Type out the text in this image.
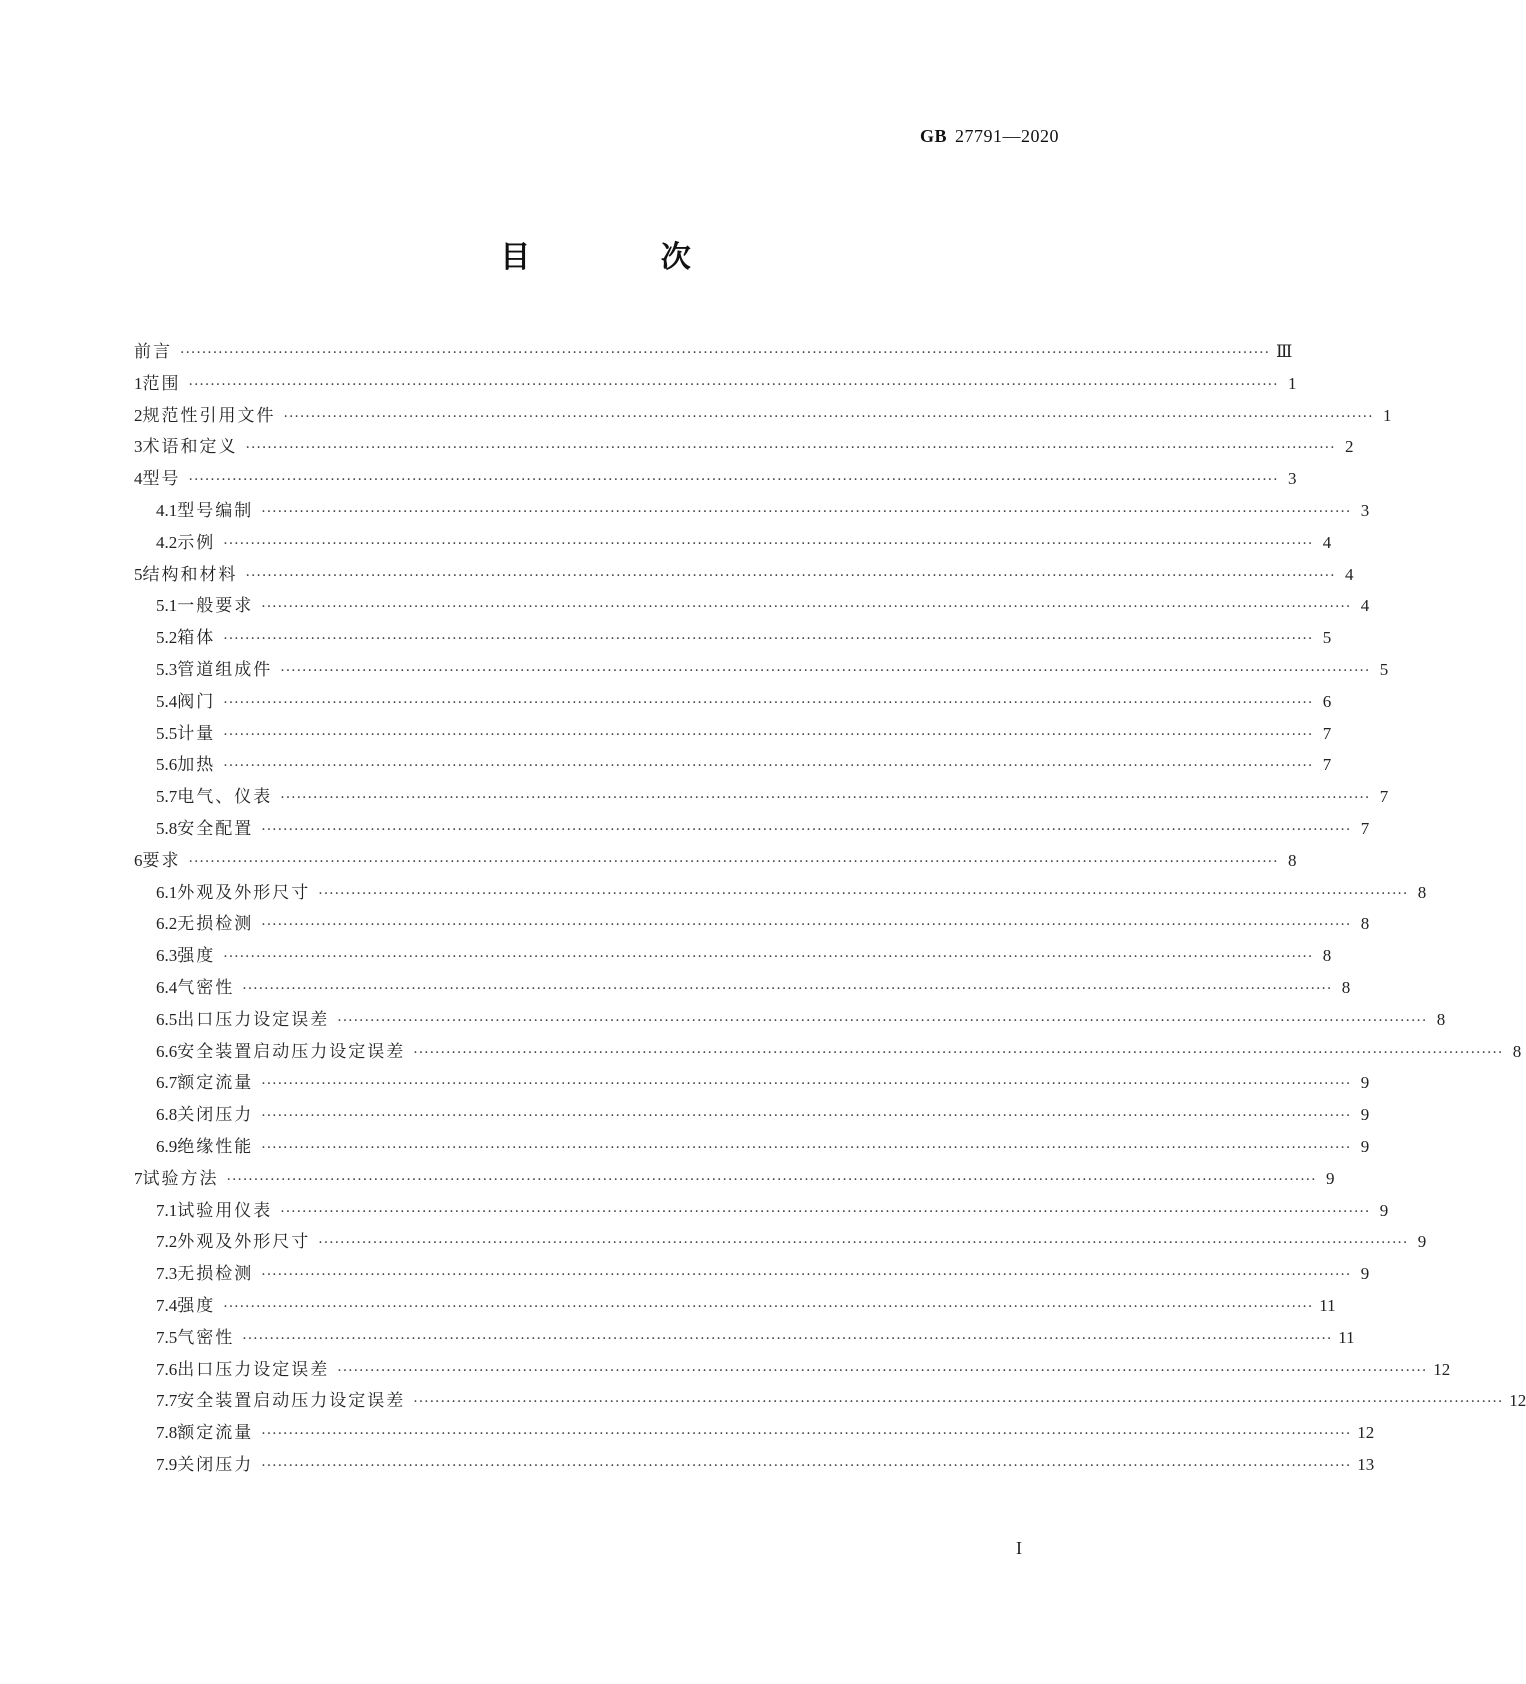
GB 27791—2020
目 次
前言 ········································································································································································································ Ⅲ
1 范围 ········································································································································································································ 1
2 规范性引用文件 ········································································································································································································ 1
3 术语和定义 ········································································································································································································ 2
4 型号 ········································································································································································································ 3
4.1 型号编制 ········································································································································································································ 3
4.2 示例 ········································································································································································································ 4
5 结构和材料 ········································································································································································································ 4
5.1 一般要求 ········································································································································································································ 4
5.2 箱体 ········································································································································································································ 5
5.3 管道组成件 ········································································································································································································ 5
5.4 阀门 ········································································································································································································ 6
5.5 计量 ········································································································································································································ 7
5.6 加热 ········································································································································································································ 7
5.7 电气、仪表 ········································································································································································································ 7
5.8 安全配置 ········································································································································································································ 7
6 要求 ········································································································································································································ 8
6.1 外观及外形尺寸 ········································································································································································································ 8
6.2 无损检测 ········································································································································································································ 8
6.3 强度 ········································································································································································································ 8
6.4 气密性 ········································································································································································································ 8
6.5 出口压力设定误差 ········································································································································································································ 8
6.6 安全装置启动压力设定误差 ········································································································································································································ 8
6.7 额定流量 ········································································································································································································ 9
6.8 关闭压力 ········································································································································································································ 9
6.9 绝缘性能 ········································································································································································································ 9
7 试验方法 ········································································································································································································ 9
7.1 试验用仪表 ········································································································································································································ 9
7.2 外观及外形尺寸 ········································································································································································································ 9
7.3 无损检测 ········································································································································································································ 9
7.4 强度 ········································································································································································································ 11
7.5 气密性 ········································································································································································································ 11
7.6 出口压力设定误差 ········································································································································································································ 12
7.7 安全装置启动压力设定误差 ········································································································································································································ 12
7.8 额定流量 ········································································································································································································ 12
7.9 关闭压力 ········································································································································································································ 13
I
